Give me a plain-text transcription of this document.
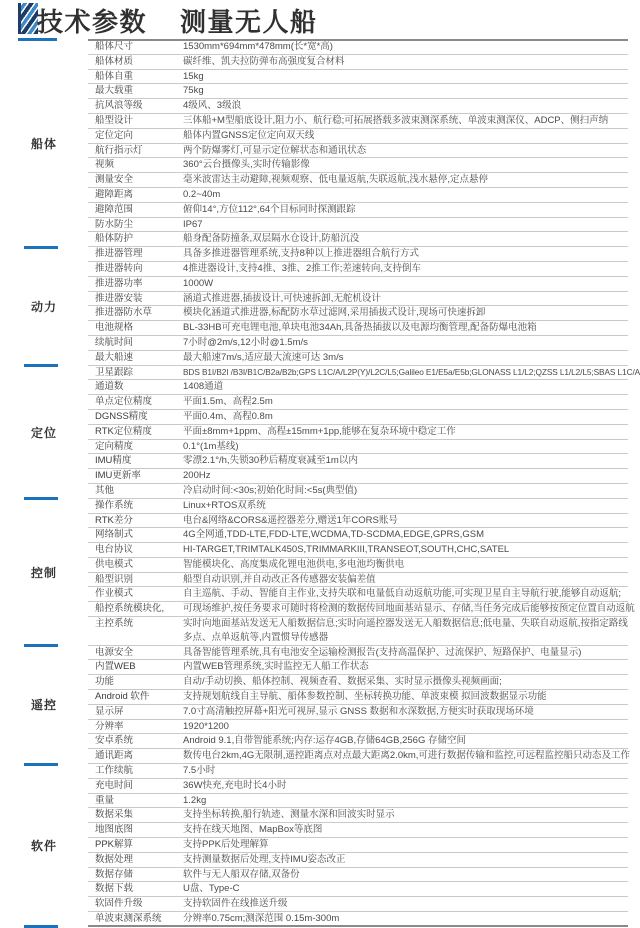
技术参数 测量无人船
船体
船体尺寸	1530mm*694mm*478mm(长*宽*高)
船体材质	碳纤维、凯夫拉防弹布高强度复合材料
船体自重	15kg
最大载重	75kg
抗风浪等级	4级风、3级浪
船型设计	三体船+M型船底设计,阻力小、航行稳;可拓展搭载多波束测深系统、单波束测深仪、ADCP、侧扫声纳
定位定向	船体内置GNSS定位定向双天线
航行指示灯	两个防爆雾灯,可显示定位解状态和通讯状态
视频	360°云台摄像头,实时传输影像
测量安全	毫米波雷达主动避障,视频观察、低电量返航,失联返航,浅水悬停,定点悬停
避障距离	0.2~40m
避障范围	俯仰14°,方位112°,64个目标同时探测跟踪
防水防尘	IP67
船体防护	船身配备防撞条,双层隔水仓设计,防船沉没
动力
推进器管理	具备多推进器管理系统,支持8种以上推进器组合航行方式
推进器转向	4推进器设计,支持4推、3推、2推工作;差速转向,支持倒车
推进器功率	1000W
推进器安装	涵道式推进器,插拔设计,可快速拆卸,无舵机设计
推进器防水草	模块化涵道式推进器,标配防水草过滤网,采用插拔式设计,现场可快速拆卸
电池规格	BL-33HB可充电锂电池,单块电池34Ah,具备热插拔以及电源均衡管理,配备防爆电池箱
续航时间	7小时@2m/s,12小时@1.5m/s
最大船速	最大船速7m/s,适应最大流速可达 3m/s
定位
卫星跟踪	BDS B1I/B2I /B3I/B1C/B2a/B2b;GPS L1C/A/L2P(Y)/L2C/L5;Galileo E1/E5a/E5b;GLONASS L1/L2;QZSS L1/L2/L5;SBAS L1C/A
通道数	1408通道
单点定位精度	平面1.5m、高程2.5m
DGNSS精度	平面0.4m、高程0.8m
RTK定位精度	平面±8mm+1ppm、高程±15mm+1pp,能够在复杂环境中稳定工作
定向精度	0.1°(1m基线)
IMU精度	零漂2.1°/h,失锁30秒后精度衰减至1m以内
IMU更新率	200Hz
其他	冷启动时间:<30s;初始化时间:<5s(典型值)
控制
操作系统	Linux+RTOS双系统
RTK差分	电台&网络&CORS&遥控器差分,赠送1年CORS账号
网络制式	4G全网通,TDD-LTE,FDD-LTE,WCDMA,TD-SCDMA,EDGE,GPRS,GSM
电台协议	HI-TARGET,TRIMTALK450S,TRIMMARKIII,TRANSEOT,SOUTH,CHC,SATEL
供电模式	智能模块化、高度集成化锂电池供电,多电池均衡供电
船型识别	船型自动识别,并自动改正各传感器安装偏差值
作业模式	自主巡航、手动、智能自主作业,支持失联和电量低自动返航功能,可实现卫星自主导航行驶,能够自动返航;
船控系统模块化,	可现场维护,按任务要求可随时将检测的数据传回地面基站显示、存储,当任务完成后能够按预定位置自动返航
主控系统	实时向地面基站发送无人船数据信息;实时向遥控器发送无人船数据信息;低电量、失联自动返航,按指定路线多点、点单返航等,内置惯导传感器
遥控
电源安全	具备智能管理系统,具有电池安全运输检测报告(支持高温保护、过流保护、短路保护、电量显示)
内置WEB	内置WEB管理系统,实时监控无人船工作状态
功能	自动/手动切换、船体控制、视频查看、数据采集、实时显示摄像头视频画面;
Android 软件	支持规划航线自主导航、船体参数控制、坐标转换功能、单波束模 拟回波数据显示功能
显示屏	7.0寸高清触控屏幕+阳光可视屏,显示 GNSS 数据和水深数据,方便实时获取现场环境
分辨率	1920*1200
安卓系统	Android 9.1,自带智能系统;内存:运存4GB,存储64GB,256G 存储空间
通讯距离	数传电台2km,4G无限制,遥控距离点对点最大距离2.0km,可进行数据传输和监控,可远程监控船只动态及工作
软件
工作续航	7.5小时
充电时间	36W快充,充电时长4小时
重量	1.2kg
数据采集	支持坐标转换,船行轨迹、测量水深和回波实时显示
地图底图	支持在线天地图、MapBox等底图
PPK解算	支持PPK后处理解算
数据处理	支持测量数据后处理,支持IMU姿态改正
数据存储	软件与无人船双存储,双备份
数据下载	U盘、Type-C
软固件升级	支持软固件在线推送升级
单波束测深系统	分辨率0.75cm;测深范围 0.15m-300m
